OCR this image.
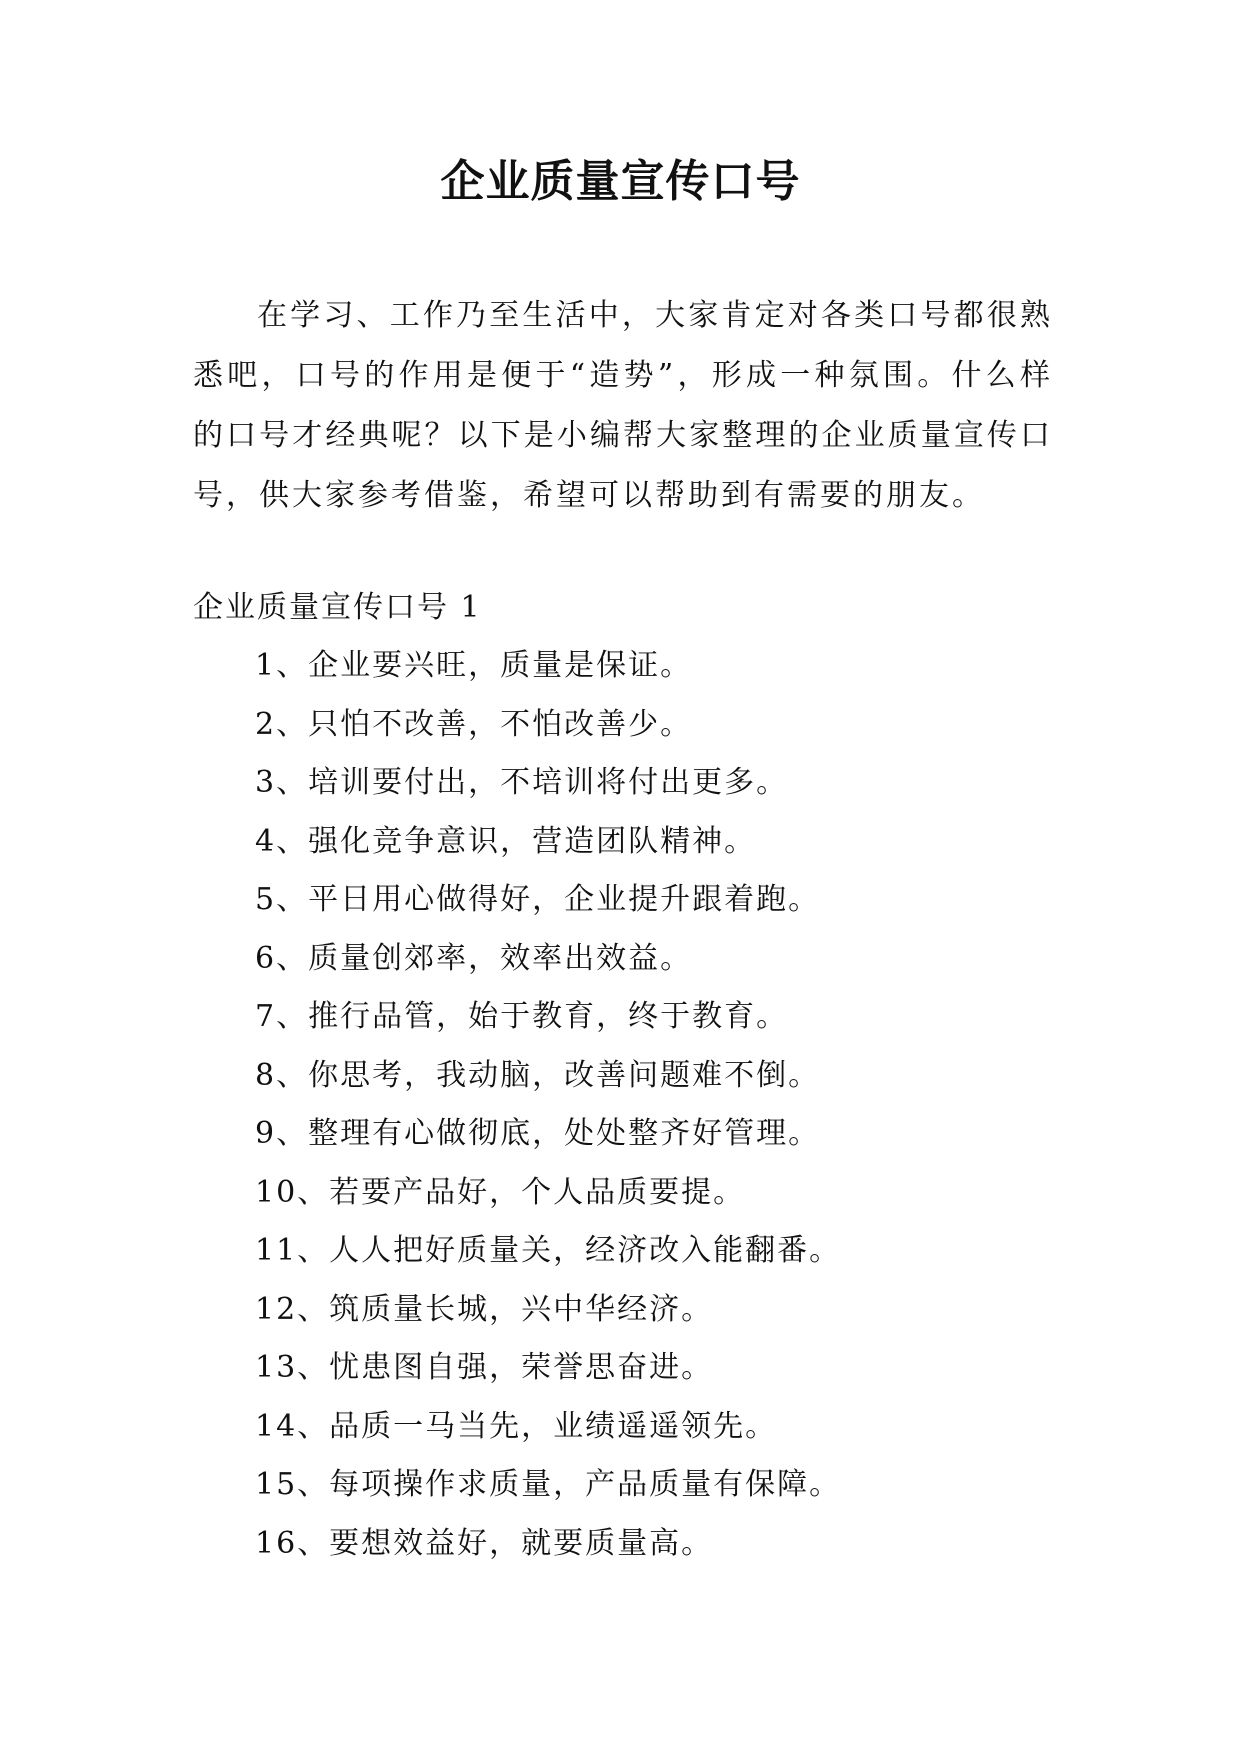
企业质量宣传口号
在学习、工作乃至生活中，大家肯定对各类口号都很熟悉吧，口号的作用是便于“造势”，形成一种氛围。什么样的口号才经典呢？以下是小编帮大家整理的企业质量宣传口号，供大家参考借鉴，希望可以帮助到有需要的朋友。
企业质量宣传口号 1
1、企业要兴旺，质量是保证。
2、只怕不改善，不怕改善少。
3、培训要付出，不培训将付出更多。
4、强化竞争意识，营造团队精神。
5、平日用心做得好，企业提升跟着跑。
6、质量创郊率，效率出效益。
7、推行品管，始于教育，终于教育。
8、你思考，我动脑，改善问题难不倒。
9、整理有心做彻底，处处整齐好管理。
10、若要产品好，个人品质要提。
11、人人把好质量关，经济改入能翻番。
12、筑质量长城，兴中华经济。
13、忧患图自强，荣誉思奋进。
14、品质一马当先，业绩遥遥领先。
15、每项操作求质量，产品质量有保障。
16、要想效益好，就要质量高。
